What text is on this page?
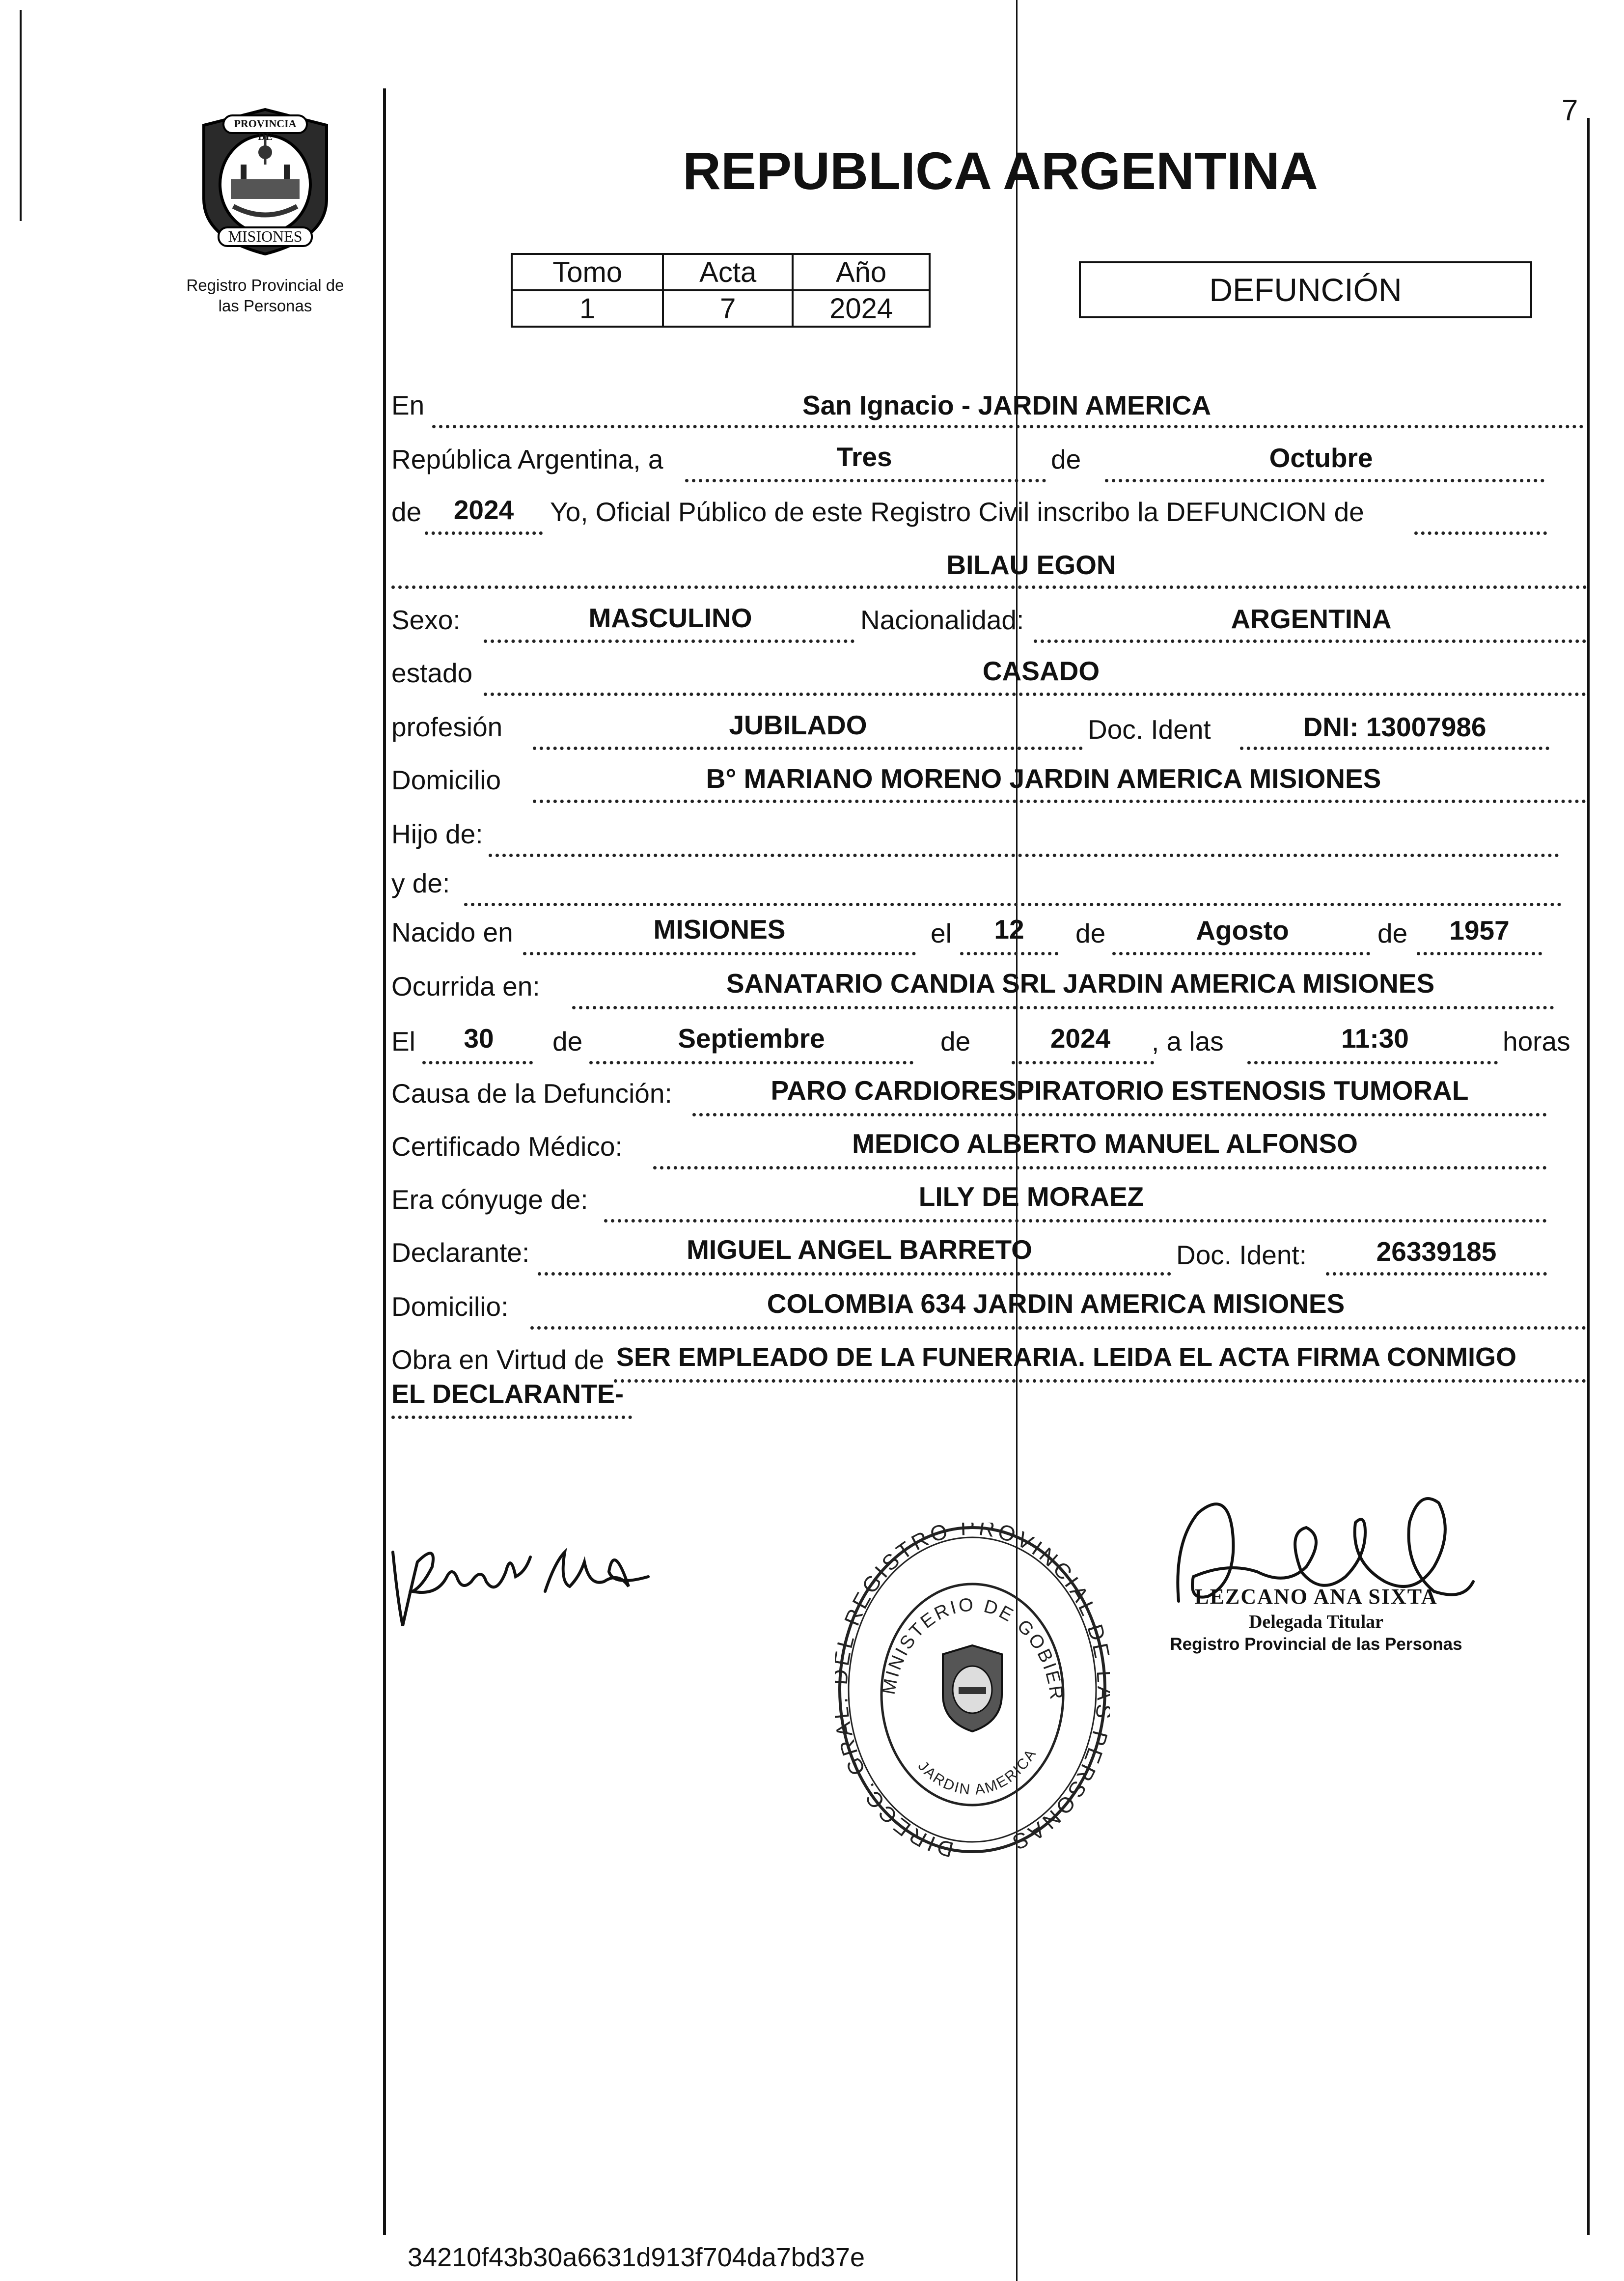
7
PROVINCIA DE
MISIONES
Registro Provincial de
las Personas
REPUBLICA ARGENTINA
Tomo	Acta	Año
1	7	2024
DEFUNCIÓN
En	San Ignacio - JARDIN AMERICA
República Argentina, a	Tres	de	Octubre
de	2024	Yo, Oficial Público de este Registro Civil inscribo la DEFUNCION de
BILAU EGON
Sexo:	MASCULINO	Nacionalidad:	ARGENTINA
estado	CASADO
profesión	JUBILADO	Doc. Ident	DNI: 13007986
Domicilio	B° MARIANO MORENO JARDIN AMERICA MISIONES
Hijo de:
y de:
Nacido en	MISIONES	el	12	de	Agosto	de	1957
Ocurrida en:	SANATARIO CANDIA SRL JARDIN AMERICA MISIONES
El	30	de	Septiembre	de	2024	, a las	11:30	horas
Causa de la Defunción:	PARO CARDIORESPIRATORIO ESTENOSIS TUMORAL
Certificado Médico:	MEDICO ALBERTO MANUEL ALFONSO
Era cónyuge de:	LILY DE MORAEZ
Declarante:	MIGUEL ANGEL BARRETO	Doc. Ident:	26339185
Domicilio:	COLOMBIA 634 JARDIN AMERICA MISIONES
Obra en Virtud de SER EMPLEADO DE LA FUNERARIA. LEIDA EL ACTA FIRMA CONMIGO
EL DECLARANTE-
DIRECC. GR L REGISTRO PROVINCIAL D PERSONAS
MINISTERIO DE GOBIER
JARDIN AMERICA
LEZCANO ANA SIXTA
Delegada Titular
Registro Provincial de las Personas
34210f43b30a6631d913f704da7bd37e
